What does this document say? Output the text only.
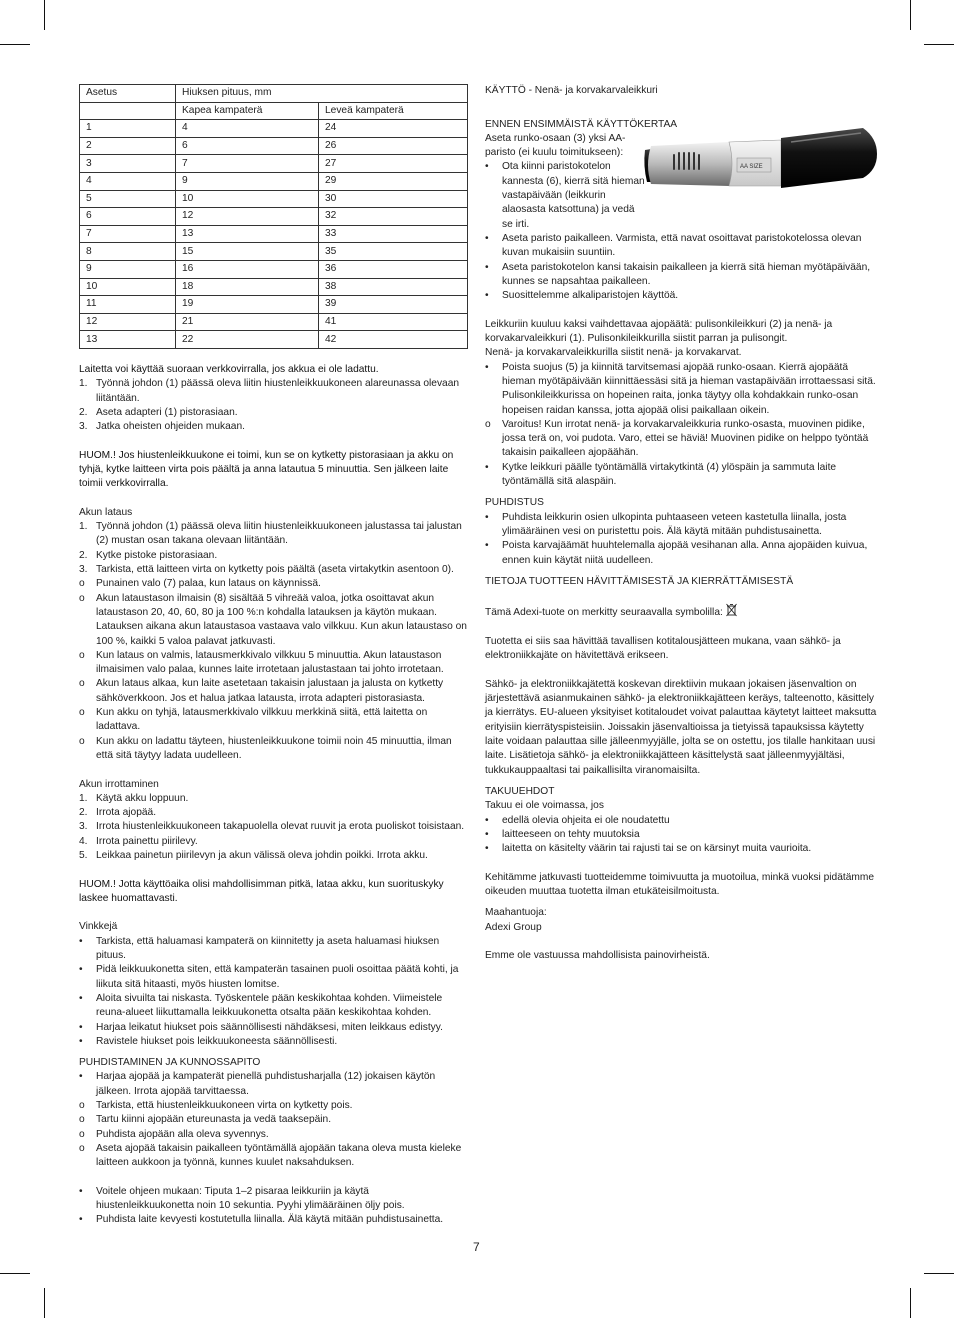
Asetus	Hiuksen pituus, mm	
	Kapea kampaterä	Leveä kampaterä
1	4	24
2	6	26
3	7	27
4	9	29
5	10	30
6	12	32
7	13	33
8	15	35
9	16	36
10	18	38
11	19	39
12	21	41
13	22	42
Laitetta voi käyttää suoraan verkkovirralla, jos akkua ei ole ladattu.
1. Työnnä johdon (1) päässä oleva liitin hiustenleikkuukoneen alareunassa olevaan liitäntään.
2. Aseta adapteri (1) pistorasiaan.
3. Jatka oheisten ohjeiden mukaan.
HUOM.! Jos hiustenleikkuukone ei toimi, kun se on kytketty pistorasiaan ja akku on tyhjä, kytke laitteen virta pois päältä ja anna latautua 5 minuuttia. Sen jälkeen laite toimii verkkovirralla.
Akun lataus
1. Työnnä johdon (1) päässä oleva liitin hiustenleikkuukoneen jalustassa tai jalustan (2) mustan osan takana olevaan liitäntään.
2. Kytke pistoke pistorasiaan.
3. Tarkista, että laitteen virta on kytketty pois päältä (aseta virtakytkin asentoon 0).
o	Punainen valo (7) palaa, kun lataus on käynnissä.
o	Akun lataustason ilmaisin (8) sisältää 5 vihreää valoa, jotka osoittavat akun lataustason 20, 40, 60, 80 ja 100 %:n kohdalla latauksen ja käytön mukaan. Latauksen aikana akun lataustasoa vastaava valo vilkkuu. Kun akun lataustaso on 100 %, kaikki 5 valoa palavat jatkuvasti.
o	Kun lataus on valmis, latausmerkkivalo vilkkuu 5 minuuttia. Akun lataustason ilmaisimen valo palaa, kunnes laite irrotetaan jalustastaan tai johto irrotetaan.
o	Akun lataus alkaa, kun laite asetetaan takaisin jalustaan ja jalusta on kytketty sähköverkkoon. Jos et halua jatkaa latausta, irrota adapteri pistorasiasta.
o	Kun akku on tyhjä, latausmerkkivalo vilkkuu merkkinä siitä, että laitetta on ladattava.
o	Kun akku on ladattu täyteen, hiustenleikkuukone toimii noin 45 minuuttia, ilman että sitä täytyy ladata uudelleen.
Akun irrottaminen
1. Käytä akku loppuun.
2. Irrota ajopää.
3. Irrota hiustenleikkuukoneen takapuolella olevat ruuvit ja erota puoliskot toisistaan.
4. Irrota painettu piirilevy.
5. Leikkaa painetun piirilevyn ja akun välissä oleva johdin poikki. Irrota akku.
HUOM.! Jotta käyttöaika olisi mahdollisimman pitkä, lataa akku, kun suorituskyky laskee huomattavasti.
Vinkkejä
•	Tarkista, että haluamasi kampaterä on kiinnitetty ja aseta haluamasi hiuksen pituus.
•	Pidä leikkuukonetta siten, että kampaterän tasainen puoli osoittaa päätä kohti, ja liikuta sitä hitaasti, myös hiusten lomitse.
•	Aloita sivuilta tai niskasta. Työskentele pään keskikohtaa kohden. Viimeistele reuna-alueet liikuttamalla leikkuukonetta otsalta pään keskikohtaa kohden.
•	Harjaa leikatut hiukset pois säännöllisesti nähdäksesi, miten leikkaus edistyy.
•	Ravistele hiukset pois leikkuukoneesta säännöllisesti.
PUHDISTAMINEN JA KUNNOSSAPITO
•	Harjaa ajopää ja kampaterät pienellä puhdistusharjalla (12) jokaisen käytön jälkeen. Irrota ajopää tarvittaessa.
o	Tarkista, että hiustenleikkuukoneen virta on kytketty pois.
o	Tartu kiinni ajopään etureunasta ja vedä taaksepäin.
o	Puhdista ajopään alla oleva syvennys.
o	Aseta ajopää takaisin paikalleen työntämällä ajopään takana oleva musta kieleke laitteen aukkoon ja työnnä, kunnes kuulet naksahduksen.
•	Voitele ohjeen mukaan: Tiputa 1–2 pisaraa leikkuriin ja käytä hiustenleikkuukonetta noin 10 sekuntia. Pyyhi ylimääräinen öljy pois.
•	Puhdista laite kevyesti kostutetulla liinalla. Älä käytä mitään puhdistusainetta.
KÄYTTÖ - Nenä- ja korvakarvaleikkuri
ENNEN ENSIMMÄISTÄ KÄYTTÖKERTAA
Aseta runko-osaan (3) yksi AA-paristo (ei kuulu toimitukseen):
•	Ota kiinni paristokotelon kannesta (6), kierrä sitä hieman vastapäivään (leikkurin alaosasta katsottuna) ja vedä se irti.
•	Aseta paristo paikalleen. Varmista, että navat osoittavat paristokotelossa olevan kuvan mukaisiin suuntiin.
•	Aseta paristokotelon kansi takaisin paikalleen ja kierrä sitä hieman myötäpäivään, kunnes se napsahtaa paikalleen.
•	Suosittelemme alkaliparistojen käyttöä.
Leikkuriin kuuluu kaksi vaihdettavaa ajopäätä: pulisonkileikkuri (2) ja nenä- ja korvakarvaleikkuri (1). Pulisonkileikkurilla siistit parran ja pulisongit.
Nenä- ja korvakarvaleikkurilla siistit nenä- ja korvakarvat.
•	Poista suojus (5) ja kiinnitä tarvitsemasi ajopää runko-osaan. Kierrä ajopäätä hieman myötäpäivään kiinnittäessäsi sitä ja hieman vastapäivään irrottaessasi sitä. Pulisonkileikkurissa on hopeinen raita, jonka täytyy olla kohdakkain runko-osan hopeisen raidan kanssa, jotta ajopää olisi paikallaan oikein.
o	Varoitus! Kun irrotat nenä- ja korvakarvaleikkuria runko-osasta, muovinen pidike, jossa terä on, voi pudota. Varo, ettei se häviä! Muovinen pidike on helppo työntää takaisin paikalleen ajopäähän.
•	Kytke leikkuri päälle työntämällä virtakytkintä (4) ylöspäin ja sammuta laite työntämällä sitä alaspäin.
PUHDISTUS
•	Puhdista leikkurin osien ulkopinta puhtaaseen veteen kastetulla liinalla, josta ylimääräinen vesi on puristettu pois. Älä käytä mitään puhdistusainetta.
•	Poista karvajäämät huuhtelemalla ajopää vesihanan alla. Anna ajopäiden kuivua, ennen kuin käytät niitä uudelleen.
TIETOJA TUOTTEEN HÄVITTÄMISESTÄ JA KIERRÄTTÄMISESTÄ
Tämä Adexi-tuote on merkitty seuraavalla symbolilla:
Tuotetta ei siis saa hävittää tavallisen kotitalousjätteen mukana, vaan sähkö- ja elektroniikkajäte on hävitettävä erikseen.
Sähkö- ja elektroniikkajätettä koskevan direktiivin mukaan jokaisen jäsenvaltion on järjestettävä asianmukainen sähkö- ja elektroniikkajätteen keräys, talteenotto, käsittely ja kierrätys. EU-alueen yksityiset kotitaloudet voivat palauttaa käytetyt laitteet maksutta erityisiin kierrätyspisteisiin. Joissakin jäsenvaltioissa ja tietyissä tapauksissa käytetty laite voidaan palauttaa sille jälleenmyyjälle, jolta se on ostettu, jos tilalle hankitaan uusi laite. Lisätietoja sähkö- ja elektroniikkajätteen käsittelystä saat jälleenmyyjältäsi, tukkukauppaaltasi tai paikallisilta viranomaisilta.
TAKUUEHDOT
Takuu ei ole voimassa, jos
•	edellä olevia ohjeita ei ole noudatettu
•	laitteeseen on tehty muutoksia
•	laitetta on käsitelty väärin tai rajusti tai se on kärsinyt muita vaurioita.
Kehitämme jatkuvasti tuotteidemme toimivuutta ja muotoilua, minkä vuoksi pidätämme oikeuden muuttaa tuotetta ilman etukäteisilmoitusta.
Maahantuoja:
Adexi Group
Emme ole vastuussa mahdollisista painovirheistä.
AA SIZE
7
